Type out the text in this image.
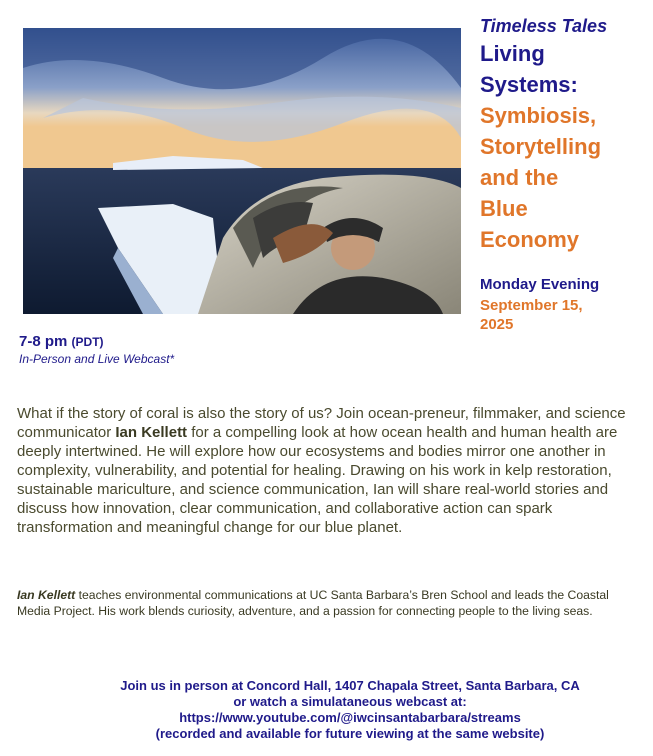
Timeless Tales
Living
Systems:
Symbiosis,
Storytelling
and the
Blue
Economy
Monday Evening
September 15,
2025
7-8 pm (PDT)
In-Person and Live Webcast*

What if the story of coral is also the story of us? Join ocean-preneur, filmmaker, and science communicator Ian Kellett for a compelling look at how ocean health and human health are deeply intertwined. He will explore how our ecosystems and bodies mirror one another in complexity, vulnerability, and potential for healing. Drawing on his work in kelp restoration, sustainable mariculture, and science communication, Ian will share real-world stories and discuss how innovation, clear communication, and collaborative action can spark transformation and meaningful change for our blue planet.

Ian Kellett teaches environmental communications at UC Santa Barbara’s Bren School and leads the Coastal Media Project. His work blends curiosity, adventure, and a passion for connecting people to the living seas.

Join us in person at Concord Hall, 1407 Chapala Street, Santa Barbara, CA
or watch a simulataneous webcast at:
https://www.youtube.com/@iwcinsantabarbara/streams
(recorded and available for future viewing at the same website)
